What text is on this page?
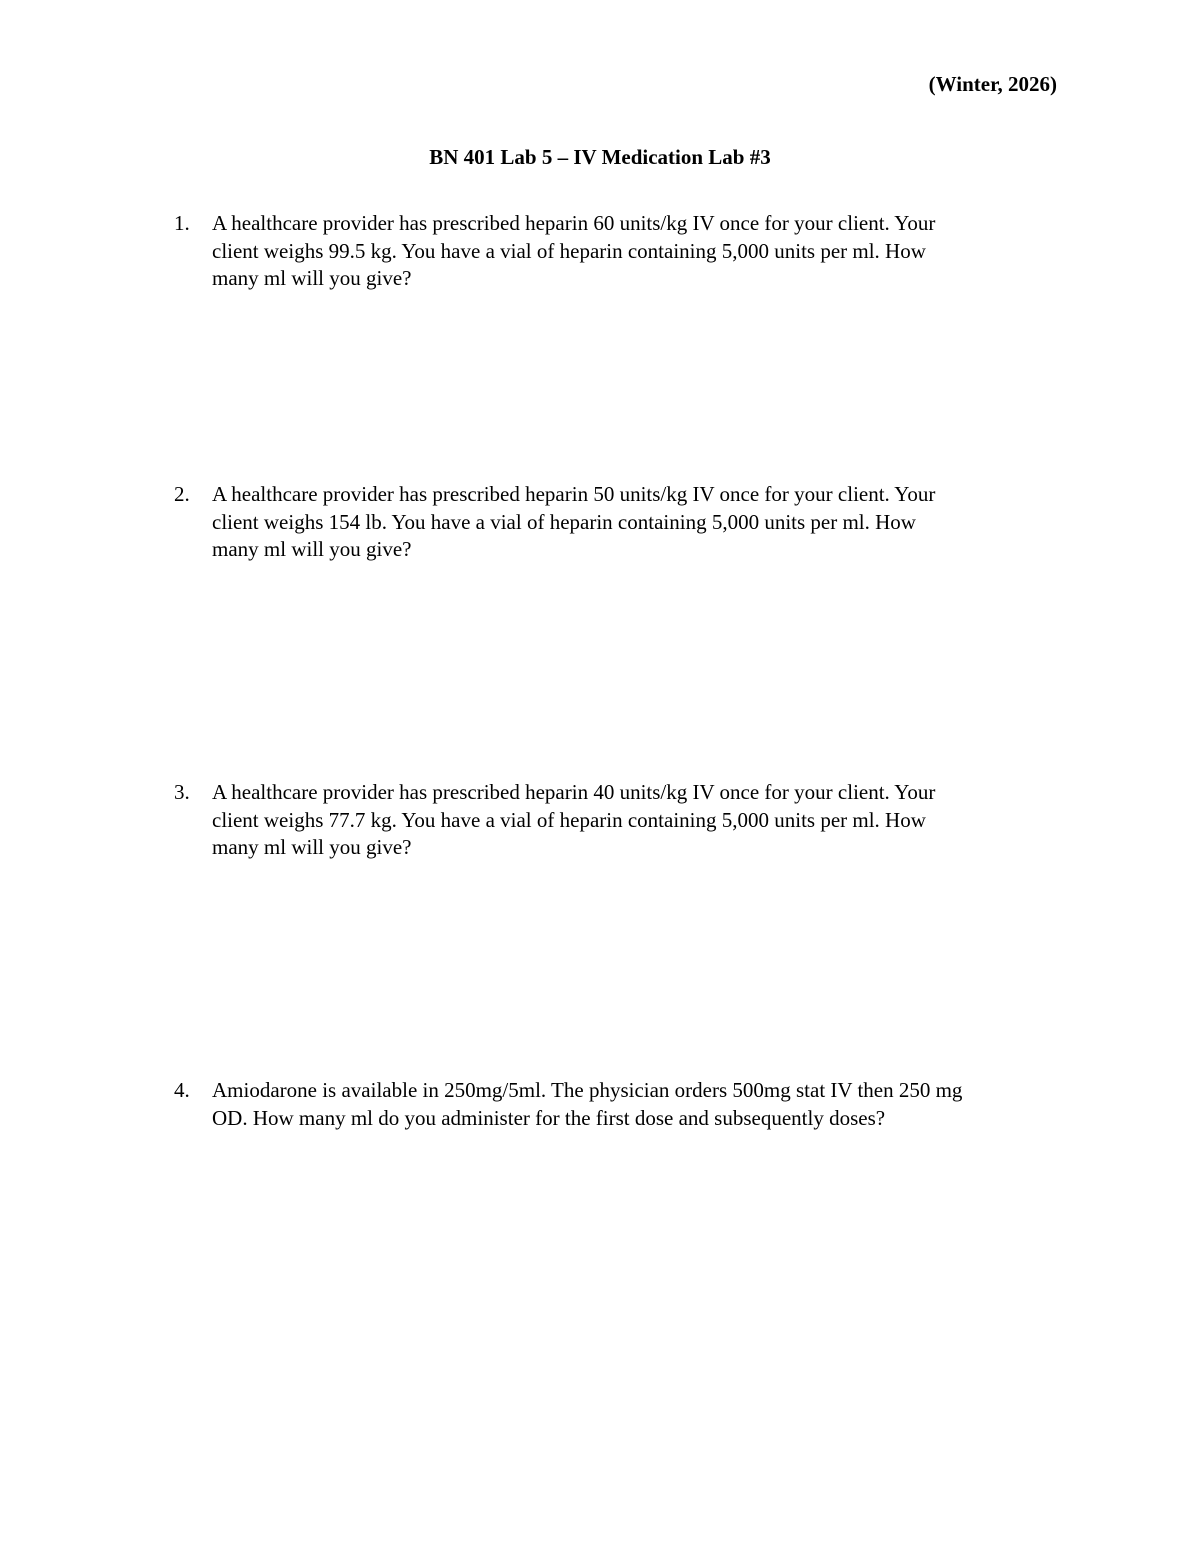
(Winter, 2026)
BN 401 Lab 5 – IV Medication Lab #3
1.	A healthcare provider has prescribed heparin 60 units/kg IV once for your client. Your
client weighs 99.5 kg. You have a vial of heparin containing 5,000 units per ml. How
many ml will you give?
2.	A healthcare provider has prescribed heparin 50 units/kg IV once for your client. Your
client weighs 154 lb. You have a vial of heparin containing 5,000 units per ml. How
many ml will you give?
3.	A healthcare provider has prescribed heparin 40 units/kg IV once for your client. Your
client weighs 77.7 kg. You have a vial of heparin containing 5,000 units per ml. How
many ml will you give?
4.	Amiodarone is available in 250mg/5ml. The physician orders 500mg stat IV then 250 mg
OD. How many ml do you administer for the first dose and subsequently doses?
